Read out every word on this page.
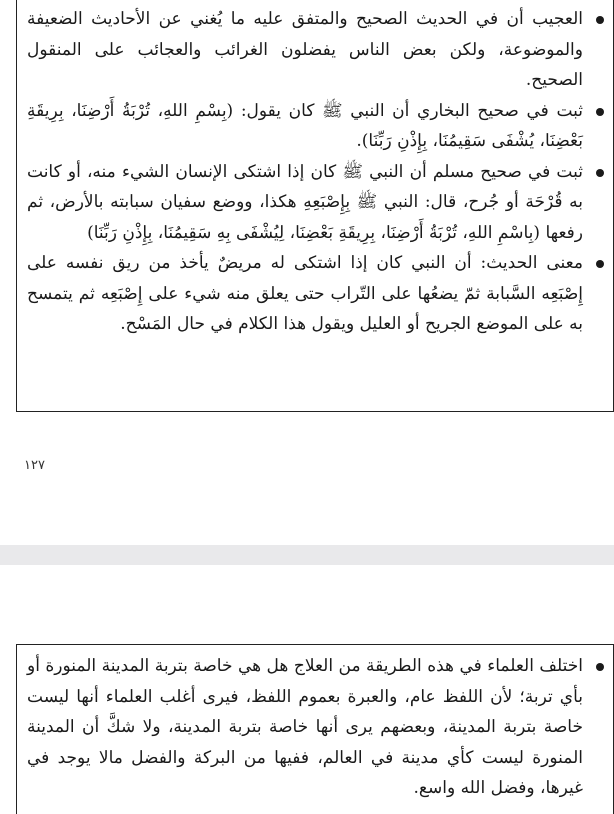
العجيب أن في الحديث الصحيح والمتفق عليه ما يُغني عن الأحاديث الضعيفة والموضوعة، ولكن بعض الناس يفضلون الغرائب والعجائب على المنقول الصحيح.
ثبت في صحيح البخاري أن النبي ﷺ كان يقول: (بِسْمِ اللهِ، تُرْبَةُ أَرْضِنَا، بِرِيقَةِ بَعْضِنَا، يُشْفَى سَقِيمُنَا، بِإِذْنِ رَبِّنَا).
ثبت في صحيح مسلم أن النبي ﷺ كان إذا اشتكى الإنسان الشيء منه، أو كانت به قُرْحَة أو جُرح، قال: النبي ﷺ بِإِصْبَعِهِ هكذا، ووضع سفيان سبابته بالأرض، ثم رفعها (بِاسْمِ اللهِ، تُرْبَةُ أَرْضِنَا، بِرِيقَةِ بَعْضِنَا، لِيُشْفَى بِهِ سَقِيمُنَا، بِإِذْنِ رَبِّنَا)
معنى الحديث: أن النبي كان إذا اشتكى له مريضٌ يأخذ من ريق نفسه على إِصْبَعِه السَّبابة ثمّ يضعُها على التّراب حتى يعلق منه شيء على إِصْبَعِه ثم يتمسح به على الموضع الجريح أو العليل ويقول هذا الكلام في حال المَسْح.
١٢٧
اختلف العلماء في هذه الطريقة من العلاج هل هي خاصة بتربة المدينة المنورة أو بأي تربة؛ لأن اللفظ عام، والعبرة بعموم اللفظ، فيرى أغلب العلماء أنها ليست خاصة بتربة المدينة، وبعضهم يرى أنها خاصة بتربة المدينة، ولا شكَّ أن المدينة المنورة ليست كأي مدينة في العالم، ففيها من البركة والفضل مالا يوجد في غيرها، وفضل الله واسع.
